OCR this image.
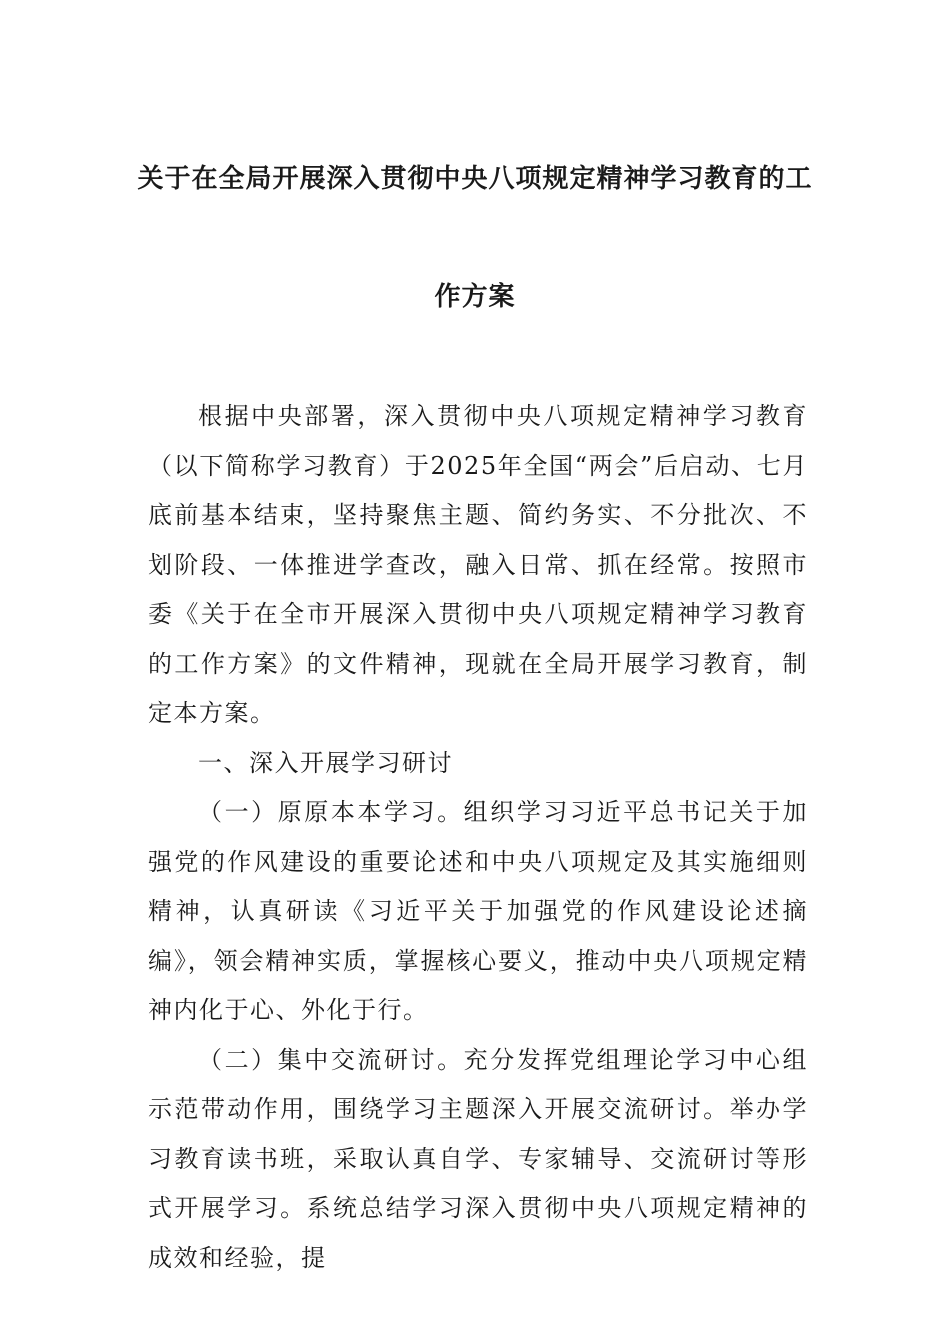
关于在全局开展深入贯彻中央八项规定精神学习教育的工
作方案

根据中央部署，深入贯彻中央八项规定精神学习教育（以下简称学习教育）于2025年全国“两会”后启动、七月底前基本结束，坚持聚焦主题、简约务实、不分批次、不划阶段、一体推进学查改，融入日常、抓在经常。按照市委《关于在全市开展深入贯彻中央八项规定精神学习教育的工作方案》的文件精神，现就在全局开展学习教育，制定本方案。

一、深入开展学习研讨

（一）原原本本学习。组织学习习近平总书记关于加强党的作风建设的重要论述和中央八项规定及其实施细则精神，认真研读《习近平关于加强党的作风建设论述摘编》，领会精神实质，掌握核心要义，推动中央八项规定精神内化于心、外化于行。

（二）集中交流研讨。充分发挥党组理论学习中心组示范带动作用，围绕学习主题深入开展交流研讨。举办学习教育读书班，采取认真自学、专家辅导、交流研讨等形式开展学习。系统总结学习深入贯彻中央八项规定精神的成效和经验，提
